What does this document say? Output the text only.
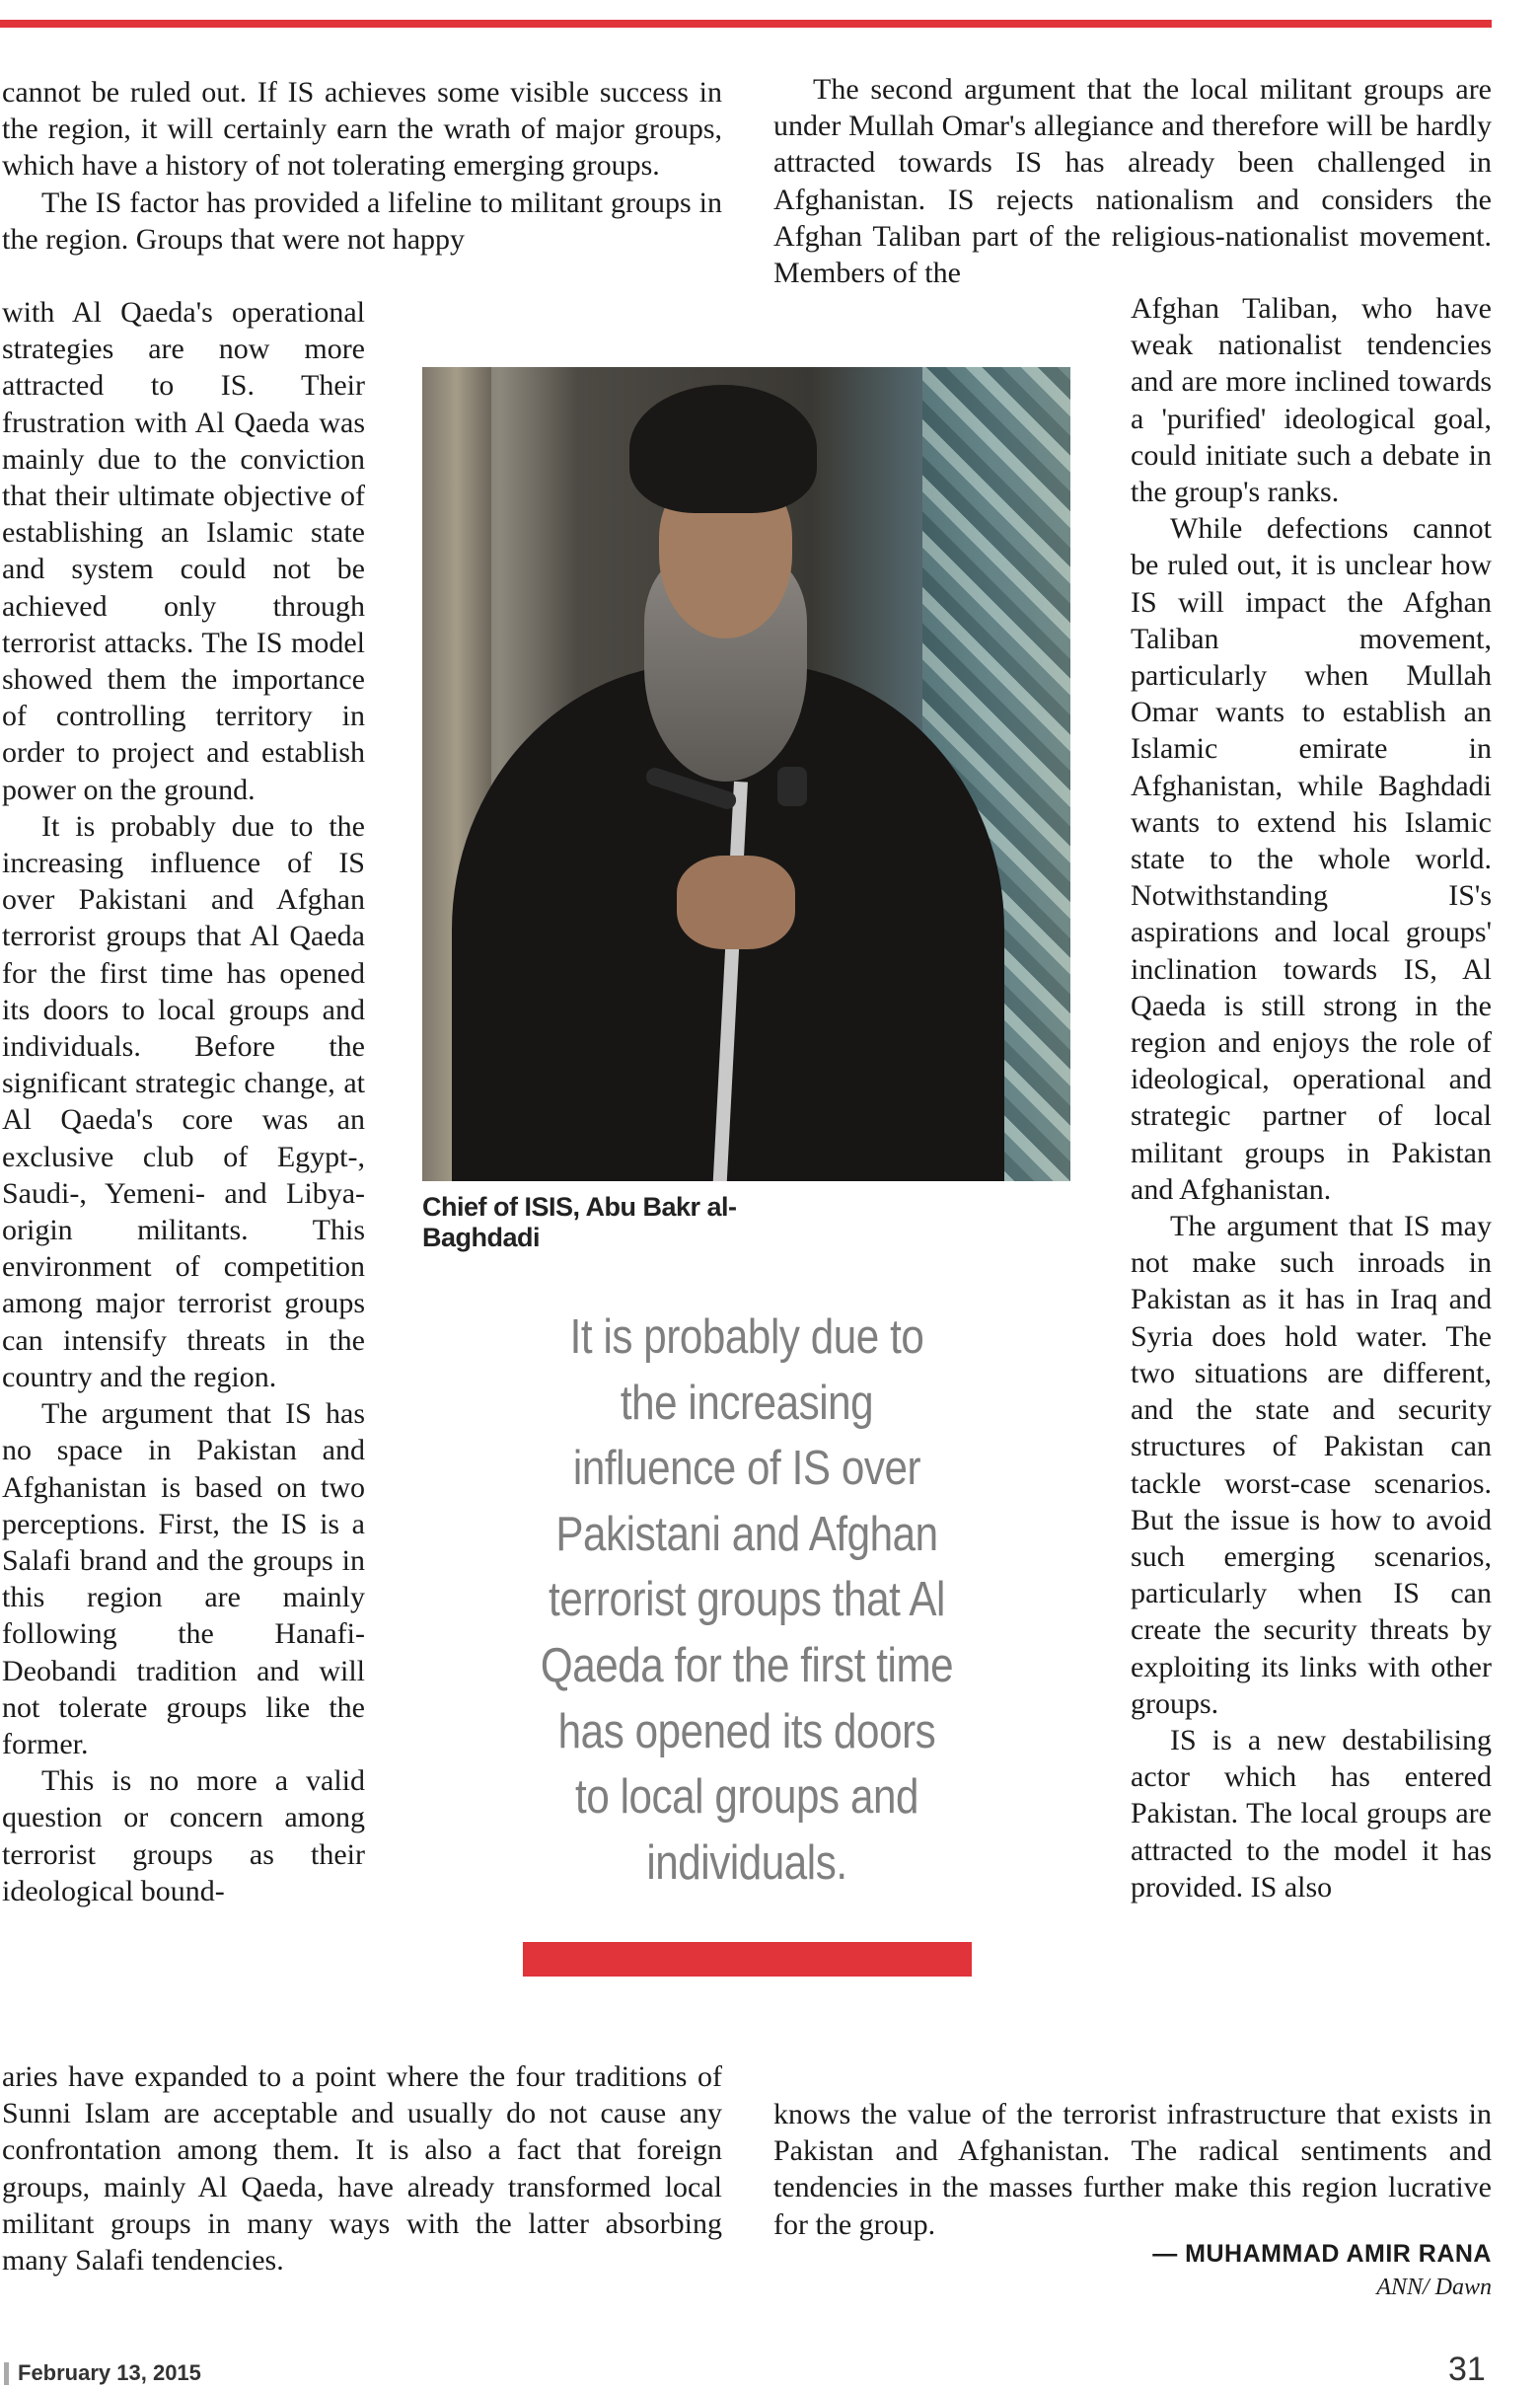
cannot be ruled out. If IS achieves some visible success in the region, it will certainly earn the wrath of major groups, which have a history of not tolerating emerging groups.

The IS factor has provided a lifeline to militant groups in the region. Groups that were not happy

with Al Qaeda's operational strategies are now more attracted to IS. Their frustration with Al Qaeda was mainly due to the conviction that their ultimate objective of establishing an Islamic state and system could not be achieved only through terrorist attacks. The IS model showed them the importance of controlling territory in order to project and establish power on the ground.

It is probably due to the increasing influence of IS over Pakistani and Afghan terrorist groups that Al Qaeda for the first time has opened its doors to local groups and individuals. Before the significant strategic change, at Al Qaeda's core was an exclusive club of Egypt-, Saudi-, Yemeni- and Libya-origin militants. This environment of competition among major terrorist groups can intensify threats in the country and the region.

The argument that IS has no space in Pakistan and Afghanistan is based on two perceptions. First, the IS is a Salafi brand and the groups in this region are mainly following the Hanafi-Deobandi tradition and will not tolerate groups like the former.

This is no more a valid question or concern among terrorist groups as their ideological bound-

aries have expanded to a point where the four traditions of Sunni Islam are acceptable and usually do not cause any confrontation among them. It is also a fact that foreign groups, mainly Al Qaeda, have already transformed local militant groups in many ways with the latter absorbing many Salafi tendencies.

The second argument that the local militant groups are under Mullah Omar's allegiance and therefore will be hardly attracted towards IS has already been challenged in Afghanistan. IS rejects nationalism and considers the Afghan Taliban part of the religious-nationalist movement. Members of the

Afghan Taliban, who have weak nationalist tendencies and are more inclined towards a 'purified' ideological goal, could initiate such a debate in the group's ranks.

While defections cannot be ruled out, it is unclear how IS will impact the Afghan Taliban movement, particularly when Mullah Omar wants to establish an Islamic emirate in Afghanistan, while Baghdadi wants to extend his Islamic state to the whole world. Notwithstanding IS's aspirations and local groups' inclination towards IS, Al Qaeda is still strong in the region and enjoys the role of ideological, operational and strategic partner of local militant groups in Pakistan and Afghanistan.

The argument that IS may not make such inroads in Pakistan as it has in Iraq and Syria does hold water. The two situations are different, and the state and security structures of Pakistan can tackle worst-case scenarios. But the issue is how to avoid such emerging scenarios, particularly when IS can create the security threats by exploiting its links with other groups.

IS is a new destabilising actor which has entered Pakistan. The local groups are attracted to the model it has provided. IS also

knows the value of the terrorist infrastructure that exists in Pakistan and Afghanistan. The radical sentiments and tendencies in the masses further make this region lucrative for the group.

Chief of ISIS, Abu Bakr al-Baghdadi
It is probably due to the increasing influence of IS over Pakistani and Afghan terrorist groups that Al Qaeda for the first time has opened its doors to local groups and individuals.
— MUHAMMAD AMIR RANA
ANN/ Dawn
February 13, 2015	31
